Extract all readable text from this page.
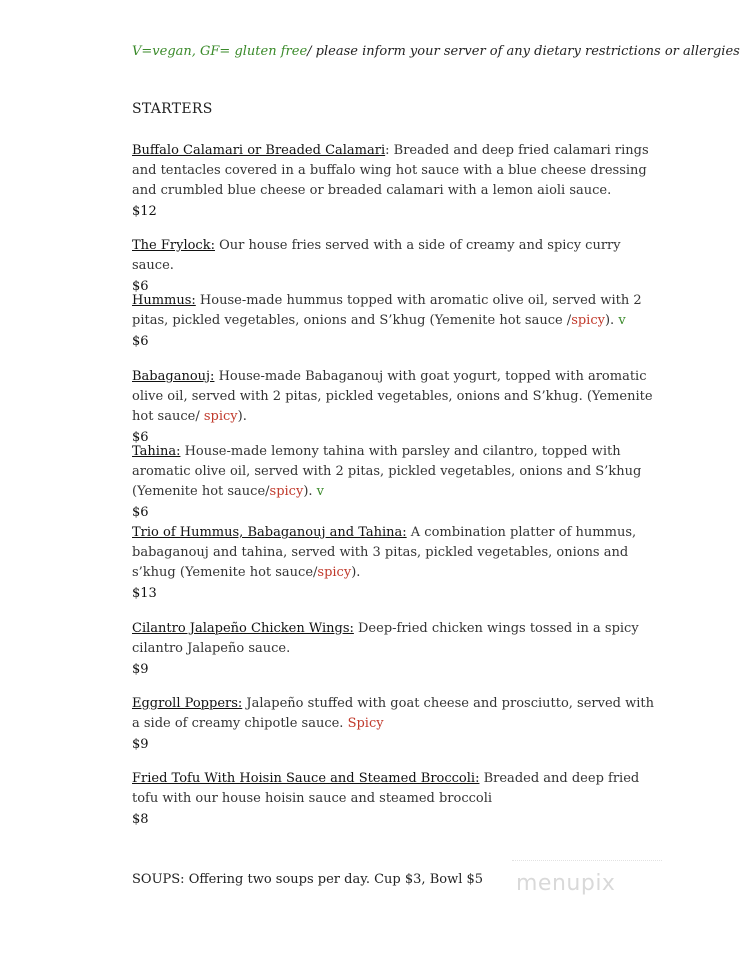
V=vegan, GF= gluten free/ please inform your server of any dietary restrictions or allergies
STARTERS
Buffalo Calamari or Breaded Calamari: Breaded and deep fried calamari rings and tentacles covered in a buffalo wing hot sauce with a blue cheese dressing and crumbled blue cheese or breaded calamari with a lemon aioli sauce.
$12
The Frylock: Our house fries served with a side of creamy and spicy curry sauce.
$6
Hummus: House-made hummus topped with aromatic olive oil, served with 2 pitas, pickled vegetables, onions and S’khug (Yemenite hot sauce /spicy). v
$6
Babaganouj: House-made Babaganouj with goat yogurt, topped with aromatic olive oil, served with 2 pitas, pickled vegetables, onions and S’khug. (Yemenite hot sauce/ spicy).
$6
Tahina: House-made lemony tahina with parsley and cilantro, topped with aromatic olive oil, served with 2 pitas, pickled vegetables, onions and S’khug (Yemenite hot sauce/spicy). v
$6
Trio of Hummus, Babaganouj and Tahina: A combination platter of hummus, babaganouj and tahina, served with 3 pitas, pickled vegetables, onions and s’khug (Yemenite hot sauce/spicy).
$13
Cilantro Jalapeño Chicken Wings: Deep-fried chicken wings tossed in a spicy cilantro Jalapeño sauce.
$9
Eggroll Poppers: Jalapeño stuffed with goat cheese and prosciutto, served with a side of creamy chipotle sauce. Spicy
$9
Fried Tofu With Hoisin Sauce and Steamed Broccoli: Breaded and deep fried tofu with our house hoisin sauce and steamed broccoli
$8
SOUPS: Offering two soups per day. Cup $3, Bowl $5 menupix
